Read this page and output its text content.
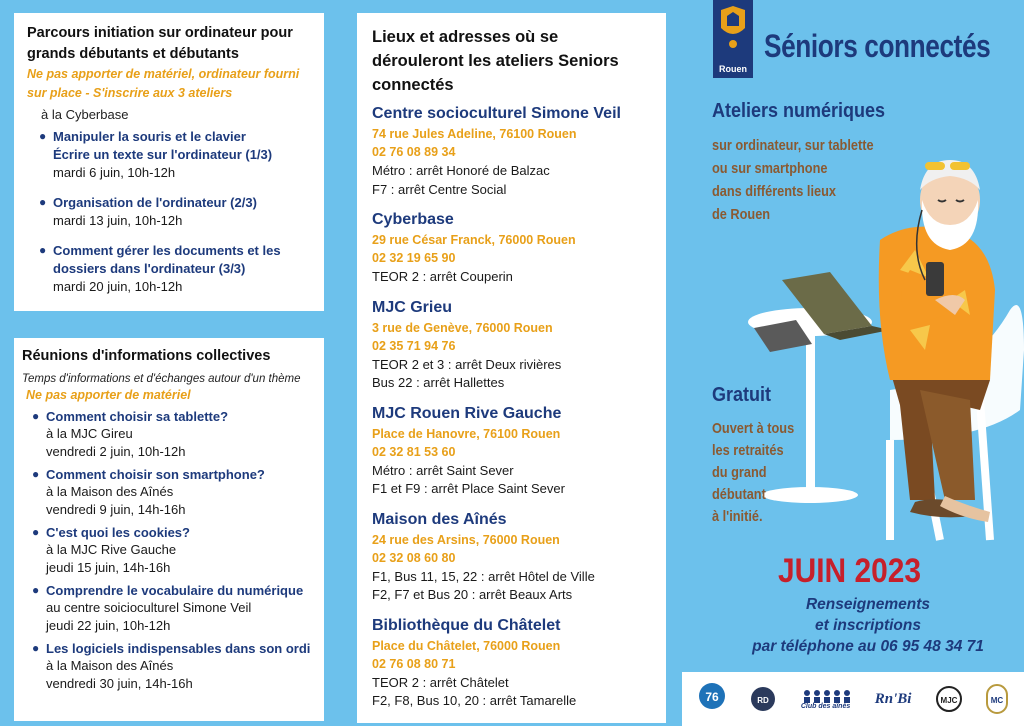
Parcours initiation sur ordinateur pour grands débutants et débutants
Ne pas apporter de matériel, ordinateur fourni sur place - S'inscrire aux 3 ateliers
à la Cyberbase
● Manipuler la souris et le clavier
Écrire un texte sur l'ordinateur (1/3)
mardi 6 juin, 10h-12h
● Organisation de l'ordinateur (2/3)
mardi 13 juin, 10h-12h
● Comment gérer les documents et les dossiers dans l'ordinateur (3/3)
mardi 20 juin, 10h-12h
Réunions d'informations collectives
Temps d'informations et d'échanges autour d'un thème
Ne pas apporter de matériel
● Comment choisir sa tablette?
à la MJC Gireu
vendredi 2 juin, 10h-12h
● Comment choisir son smartphone?
à la Maison des Aînés
vendredi 9 juin, 14h-16h
● C'est quoi les cookies?
à la MJC Rive Gauche
jeudi 15 juin, 14h-16h
● Comprendre le vocabulaire du numérique
au centre soicioculturel Simone Veil
jeudi 22 juin, 10h-12h
● Les logiciels indispensables dans son ordi
à la Maison des Aînés
vendredi 30 juin, 14h-16h
Lieux et adresses où se dérouleront les ateliers Seniors connectés
Centre socioculturel Simone Veil
74 rue Jules Adeline, 76100 Rouen
02 76 08 89 34
Métro : arrêt Honoré de Balzac
F7 : arrêt Centre Social
Cyberbase
29 rue César Franck, 76000 Rouen
02 32 19 65 90
TEOR 2 : arrêt Couperin
MJC Grieu
3 rue de Genève, 76000 Rouen
02 35 71 94 76
TEOR 2 et 3 : arrêt Deux rivières
Bus 22 : arrêt Hallettes
MJC Rouen Rive Gauche
Place de Hanovre, 76100 Rouen
02 32 81 53 60
Métro : arrêt Saint Sever
F1 et F9 : arrêt Place Saint Sever
Maison des Aînés
24 rue des Arsins, 76000 Rouen
02 32 08 60 80
F1, Bus 11, 15, 22 : arrêt Hôtel de Ville
F2, F7 et Bus 20 : arrêt Beaux Arts
Bibliothèque du Châtelet
Place du Châtelet, 76000 Rouen
02 76 08 80 71
TEOR 2 : arrêt Châtelet
F2, F8, Bus 10, 20 : arrêt Tamarelle
Rouen
Séniors connectés
Ateliers numériques
sur ordinateur, sur tablette
ou sur smartphone
dans différents lieux
de Rouen
Gratuit
Ouvert à tous
les retraités
du grand
débutant
à l'initié.
JUIN 2023
Renseignements
et inscriptions
par téléphone au 06 95 48 34 71
76	RD
Club des aînés Rn'Bi	MJC	MC
